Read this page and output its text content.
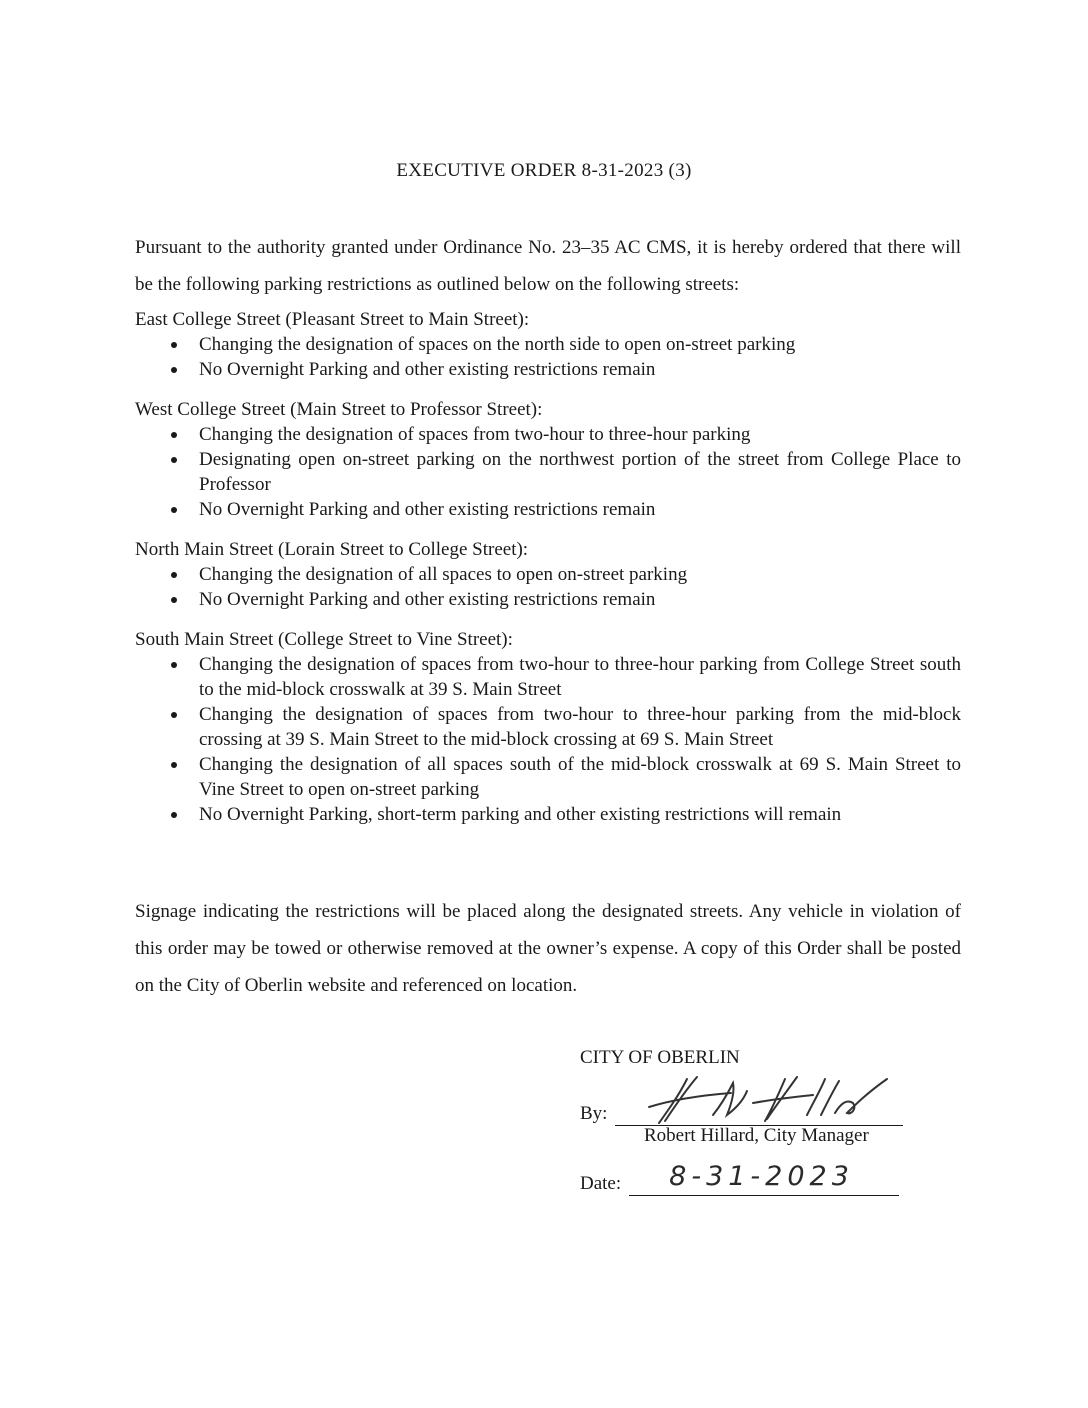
EXECUTIVE ORDER 8-31-2023 (3)

Pursuant to the authority granted under Ordinance No. 23–35 AC CMS, it is hereby ordered that there will be the following parking restrictions as outlined below on the following streets:

East College Street (Pleasant Street to Main Street):
Changing the designation of spaces on the north side to open on-street parking
No Overnight Parking and other existing restrictions remain
West College Street (Main Street to Professor Street):
Changing the designation of spaces from two-hour to three-hour parking
Designating open on-street parking on the northwest portion of the street from College Place to Professor
No Overnight Parking and other existing restrictions remain
North Main Street (Lorain Street to College Street):
Changing the designation of all spaces to open on-street parking
No Overnight Parking and other existing restrictions remain
South Main Street (College Street to Vine Street):
Changing the designation of spaces from two-hour to three-hour parking from College Street south to the mid-block crosswalk at 39 S. Main Street
Changing the designation of spaces from two-hour to three-hour parking from the mid-block crossing at 39 S. Main Street to the mid-block crossing at 69 S. Main Street
Changing the designation of all spaces south of the mid-block crosswalk at 69 S. Main Street to Vine Street to open on-street parking
No Overnight Parking, short-term parking and other existing restrictions will remain

Signage indicating the restrictions will be placed along the designated streets. Any vehicle in violation of this order may be towed or otherwise removed at the owner’s expense. A copy of this Order shall be posted on the City of Oberlin website and referenced on location.

CITY OF OBERLIN
By:
Robert Hillard, City Manager
Date: 8-31-2023
